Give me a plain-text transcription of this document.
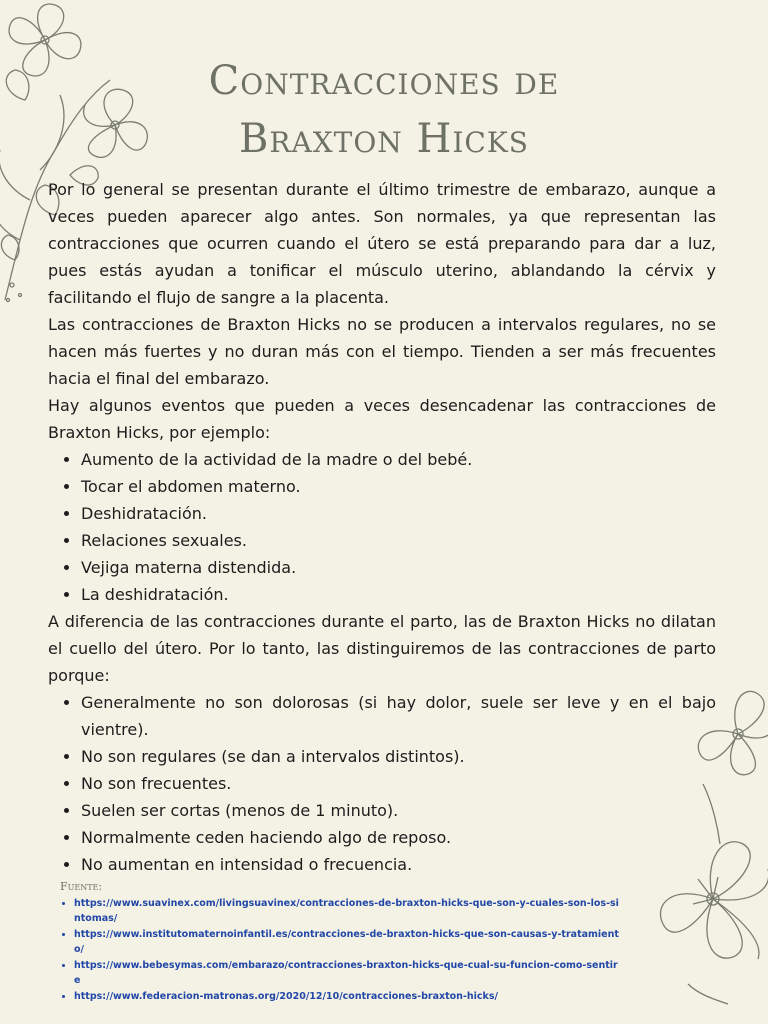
Contracciones de
Braxton Hicks

Por lo general se presentan durante el último trimestre de embarazo, aunque a veces pueden aparecer algo antes. Son normales, ya que representan las contracciones que ocurren cuando el útero se está preparando para dar a luz, pues estás ayudan a tonificar el músculo uterino, ablandando la cérvix y facilitando el flujo de sangre a la placenta.

Las contracciones de Braxton Hicks no se producen a intervalos regulares, no se hacen más fuertes y no duran más con el tiempo. Tienden a ser más frecuentes hacia el final del embarazo.

Hay algunos eventos que pueden a veces desencadenar las contracciones de Braxton Hicks, por ejemplo:

• Aumento de la actividad de la madre o del bebé.
• Tocar el abdomen materno.
• Deshidratación.
• Relaciones sexuales.
• Vejiga materna distendida.
• La deshidratación.

A diferencia de las contracciones durante el parto, las de Braxton Hicks no dilatan el cuello del útero. Por lo tanto, las distinguiremos de las contracciones de parto porque:

• Generalmente no son dolorosas (si hay dolor, suele ser leve y en el bajo vientre).
• No son regulares (se dan a intervalos distintos).
• No son frecuentes.
• Suelen ser cortas (menos de 1 minuto).
• Normalmente ceden haciendo algo de reposo.
• No aumentan en intensidad o frecuencia.
Fuente:
• https://www.suavinex.com/livingsuavinex/contracciones-de-braxton-hicks-que-son-y-cuales-son-los-sintomas/
• https://www.institutomaternoinfantil.es/contracciones-de-braxton-hicks-que-son-causas-y-tratamiento/
• https://www.bebesymas.com/embarazo/contracciones-braxton-hicks-que-cual-su-funcion-como-sentire
• https://www.federacion-matronas.org/2020/12/10/contracciones-braxton-hicks/
